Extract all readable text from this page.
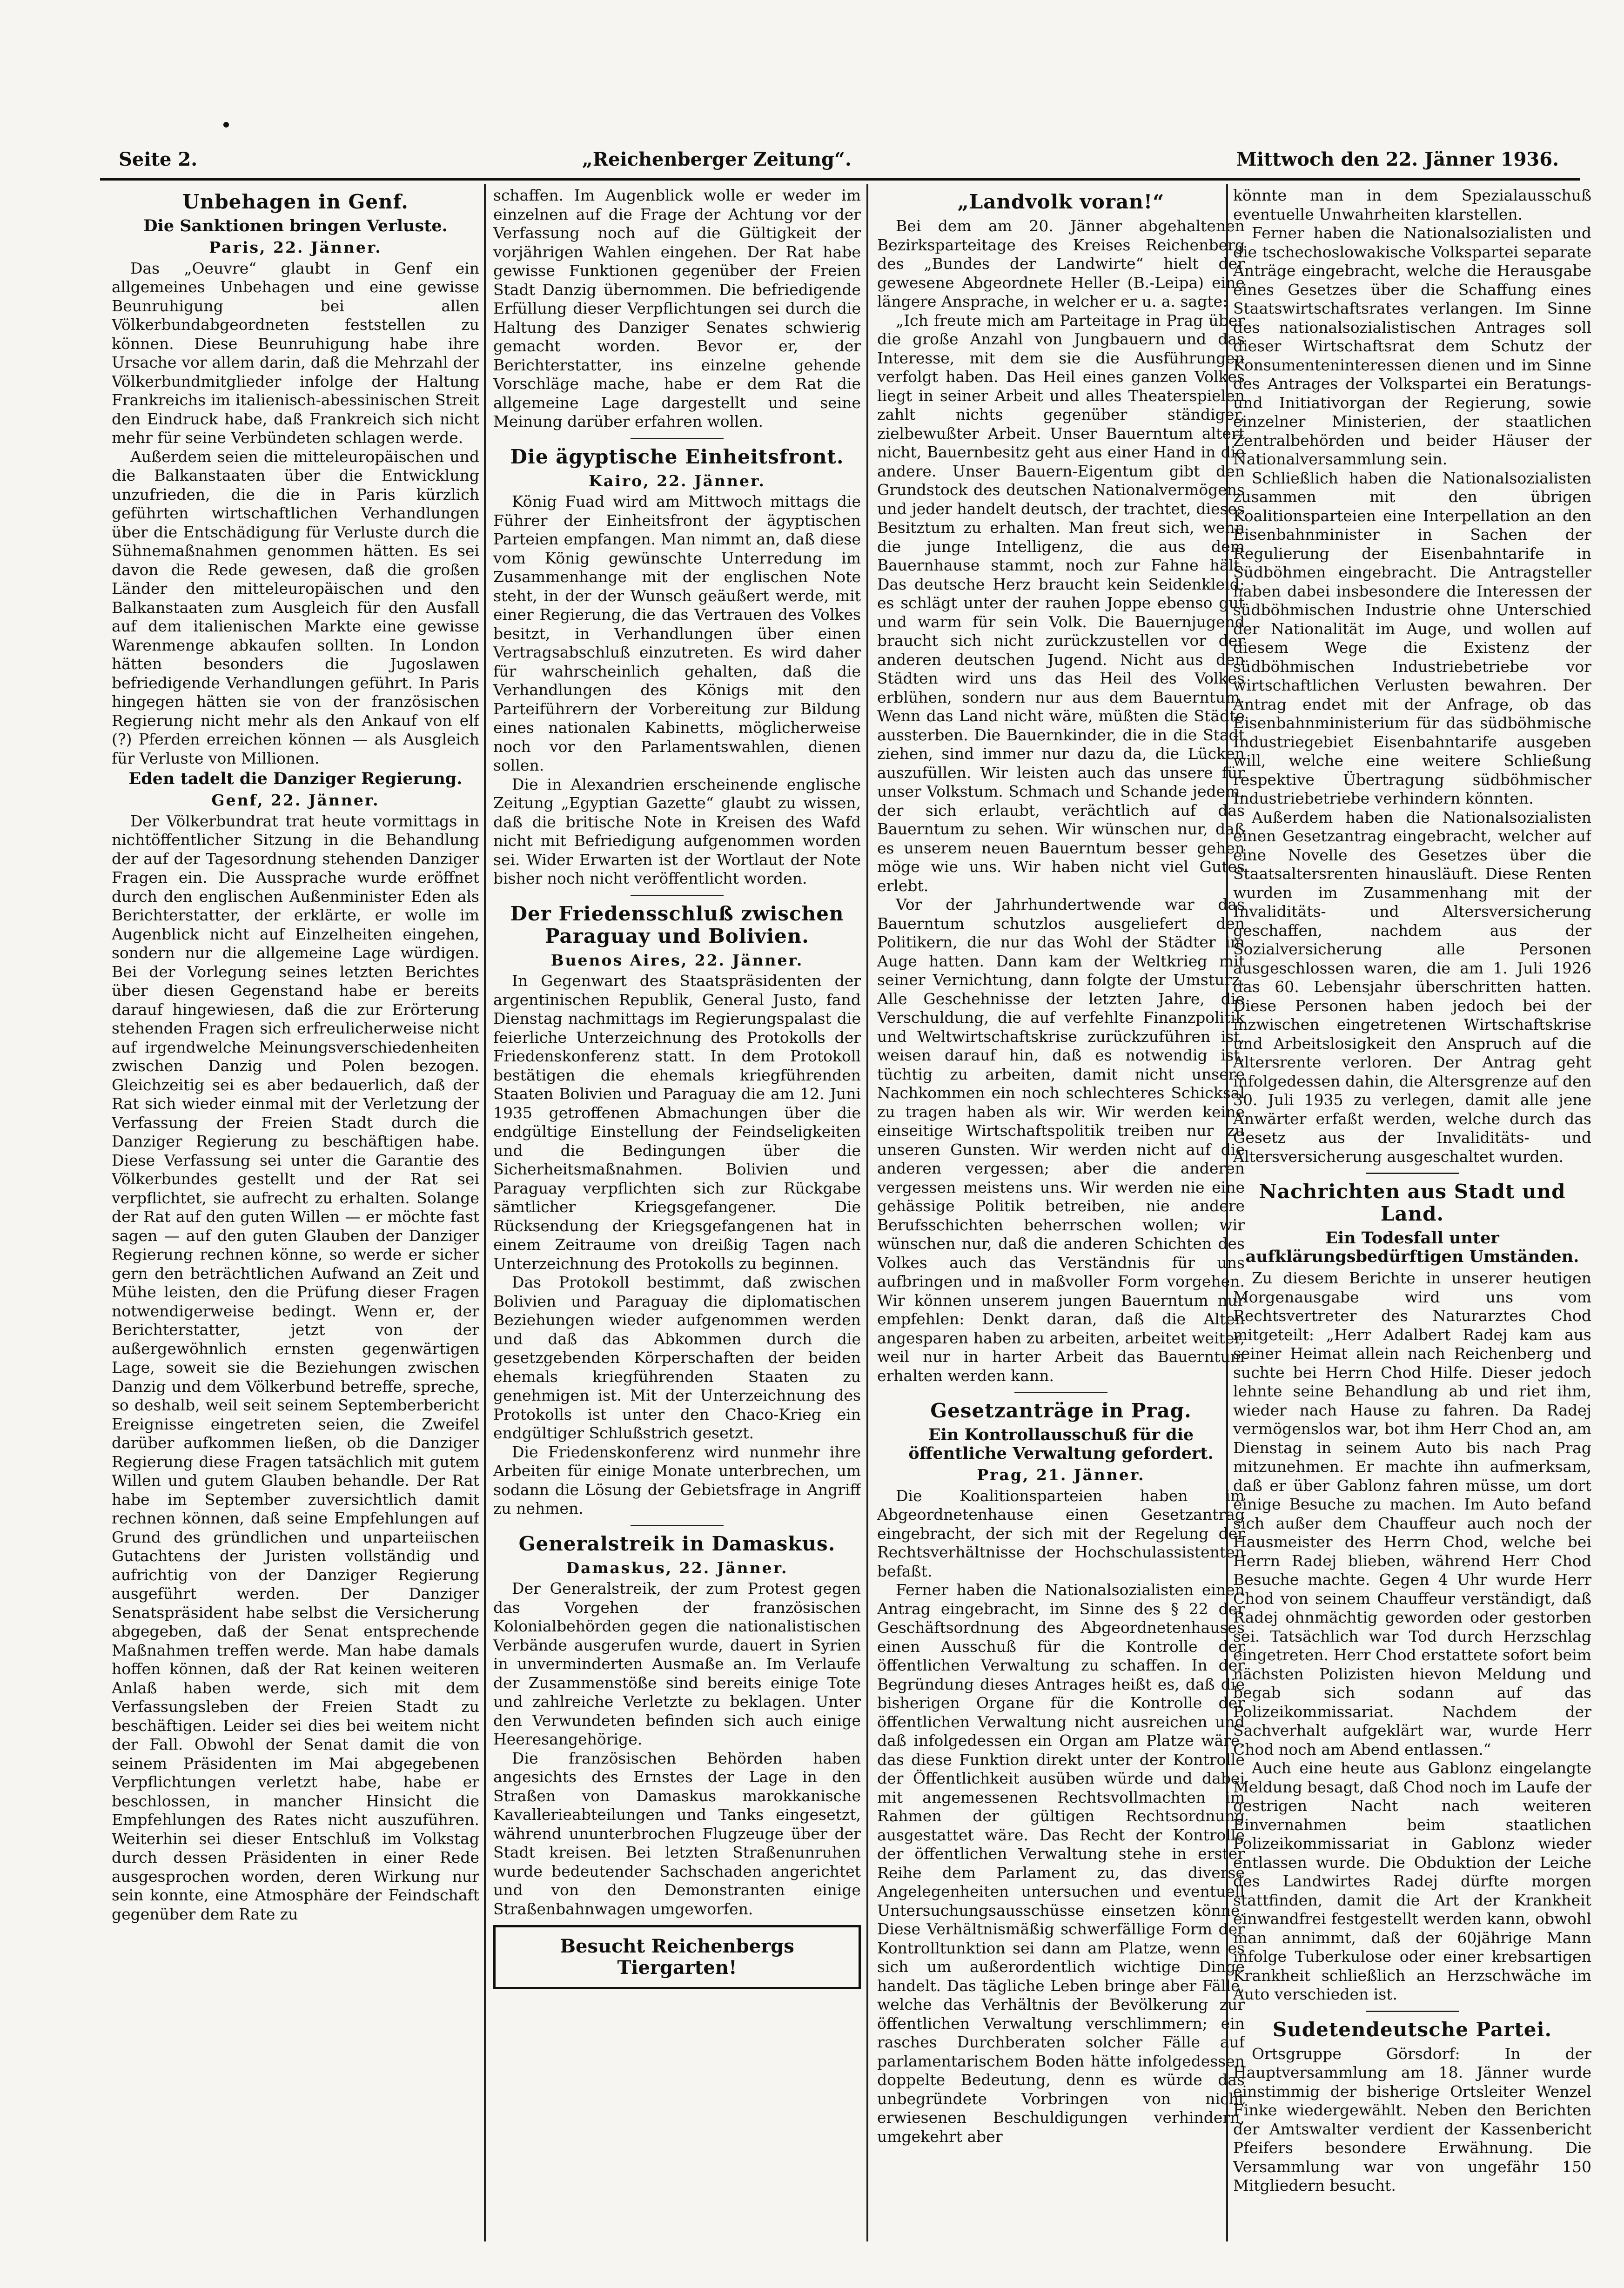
Seite 2.	„Reichenberger Zeitung“.	Mittwoch den 22. Jänner 1936.
Unbehagen in Genf.
Die Sanktionen bringen Verluste.
Paris, 22. Jänner.

Das „Oeuvre“ glaubt in Genf ein allgemeines Unbehagen und eine gewisse Beunruhigung bei allen Völkerbundabgeordneten feststellen zu können. Diese Beunruhigung habe ihre Ursache vor allem darin, daß die Mehrzahl der Völkerbundmitglieder infolge der Haltung Frankreichs im italienisch-abessinischen Streit den Eindruck habe, daß Frankreich sich nicht mehr für seine Verbündeten schlagen werde.

Außerdem seien die mitteleuropäischen und die Balkanstaaten über die Entwicklung unzufrieden, die die in Paris kürzlich geführten wirtschaftlichen Verhandlungen über die Entschädigung für Verluste durch die Sühnemaßnahmen genommen hätten. Es sei davon die Rede gewesen, daß die großen Länder den mitteleuropäischen und den Balkanstaaten zum Ausgleich für den Ausfall auf dem italienischen Markte eine gewisse Warenmenge abkaufen sollten. In London hätten besonders die Jugoslawen befriedigende Verhandlungen geführt. In Paris hingegen hätten sie von der französischen Regierung nicht mehr als den Ankauf von elf (?) Pferden erreichen können — als Ausgleich für Verluste von Millionen.

Eden tadelt die Danziger Regierung.
Genf, 22. Jänner.

Der Völkerbundrat trat heute vormittags in nichtöffentlicher Sitzung in die Behandlung der auf der Tagesordnung stehenden Danziger Fragen ein. Die Aussprache wurde eröffnet durch den englischen Außenminister Eden als Berichterstatter, der erklärte, er wolle im Augenblick nicht auf Einzelheiten eingehen, sondern nur die allgemeine Lage würdigen. Bei der Vorlegung seines letzten Berichtes über diesen Gegenstand habe er bereits darauf hingewiesen, daß die zur Erörterung stehenden Fragen sich erfreulicherweise nicht auf irgendwelche Meinungsverschiedenheiten zwischen Danzig und Polen bezogen. Gleichzeitig sei es aber bedauerlich, daß der Rat sich wieder einmal mit der Verletzung der Verfassung der Freien Stadt durch die Danziger Regierung zu beschäftigen habe. Diese Verfassung sei unter die Garantie des Völkerbundes gestellt und der Rat sei verpflichtet, sie aufrecht zu erhalten. Solange der Rat auf den guten Willen — er möchte fast sagen — auf den guten Glauben der Danziger Regierung rechnen könne, so werde er sicher gern den beträchtlichen Aufwand an Zeit und Mühe leisten, den die Prüfung dieser Fragen notwendigerweise bedingt. Wenn er, der Berichterstatter, jetzt von der außergewöhnlich ernsten gegenwärtigen Lage, soweit sie die Beziehungen zwischen Danzig und dem Völkerbund betreffe, spreche, so deshalb, weil seit seinem Septemberbericht Ereignisse eingetreten seien, die Zweifel darüber aufkommen ließen, ob die Danziger Regierung diese Fragen tatsächlich mit gutem Willen und gutem Glauben behandle. Der Rat habe im September zuversichtlich damit rechnen können, daß seine Empfehlungen auf Grund des gründlichen und unparteiischen Gutachtens der Juristen vollständig und aufrichtig von der Danziger Regierung ausgeführt werden. Der Danziger Senatspräsident habe selbst die Versicherung abgegeben, daß der Senat entsprechende Maßnahmen treffen werde. Man habe damals hoffen können, daß der Rat keinen weiteren Anlaß haben werde, sich mit dem Verfassungsleben der Freien Stadt zu beschäftigen. Leider sei dies bei weitem nicht der Fall. Obwohl der Senat damit die von seinem Präsidenten im Mai abgegebenen Verpflichtungen verletzt habe, habe er beschlossen, in mancher Hinsicht die Empfehlungen des Rates nicht auszuführen. Weiterhin sei dieser Entschluß im Volkstag durch dessen Präsidenten in einer Rede ausgesprochen worden, deren Wirkung nur sein konnte, eine Atmosphäre der Feindschaft gegenüber dem Rate zu

schaffen. Im Augenblick wolle er weder im einzelnen auf die Frage der Achtung vor der Verfassung noch auf die Gültigkeit der vorjährigen Wahlen eingehen. Der Rat habe gewisse Funktionen gegenüber der Freien Stadt Danzig übernommen. Die befriedigende Erfüllung dieser Verpflichtungen sei durch die Haltung des Danziger Senates schwierig gemacht worden. Bevor er, der Berichterstatter, ins einzelne gehende Vorschläge mache, habe er dem Rat die allgemeine Lage dargestellt und seine Meinung darüber erfahren wollen.

Die ägyptische Einheitsfront.
Kairo, 22. Jänner.

König Fuad wird am Mittwoch mittags die Führer der Einheitsfront der ägyptischen Parteien empfangen. Man nimmt an, daß diese vom König gewünschte Unterredung im Zusammenhange mit der englischen Note steht, in der der Wunsch geäußert werde, mit einer Regierung, die das Vertrauen des Volkes besitzt, in Verhandlungen über einen Vertragsabschluß einzutreten. Es wird daher für wahrscheinlich gehalten, daß die Verhandlungen des Königs mit den Parteiführern der Vorbereitung zur Bildung eines nationalen Kabinetts, möglicherweise noch vor den Parlamentswahlen, dienen sollen.

Die in Alexandrien erscheinende englische Zeitung „Egyptian Gazette“ glaubt zu wissen, daß die britische Note in Kreisen des Wafd nicht mit Befriedigung aufgenommen worden sei. Wider Erwarten ist der Wortlaut der Note bisher noch nicht veröffentlicht worden.

Der Friedensschluß zwischen Paraguay und Bolivien.
Buenos Aires, 22. Jänner.

In Gegenwart des Staatspräsidenten der argentinischen Republik, General Justo, fand Dienstag nachmittags im Regierungspalast die feierliche Unterzeichnung des Protokolls der Friedenskonferenz statt. In dem Protokoll bestätigen die ehemals kriegführenden Staaten Bolivien und Paraguay die am 12. Juni 1935 getroffenen Abmachungen über die endgültige Einstellung der Feindseligkeiten und die Bedingungen über die Sicherheitsmaßnahmen. Bolivien und Paraguay verpflichten sich zur Rückgabe sämtlicher Kriegsgefangener. Die Rücksendung der Kriegsgefangenen hat in einem Zeitraume von dreißig Tagen nach Unterzeichnung des Protokolls zu beginnen.

Das Protokoll bestimmt, daß zwischen Bolivien und Paraguay die diplomatischen Beziehungen wieder aufgenommen werden und daß das Abkommen durch die gesetzgebenden Körperschaften der beiden ehemals kriegführenden Staaten zu genehmigen ist. Mit der Unterzeichnung des Protokolls ist unter den Chaco-Krieg ein endgültiger Schlußstrich gesetzt.

Die Friedenskonferenz wird nunmehr ihre Arbeiten für einige Monate unterbrechen, um sodann die Lösung der Gebietsfrage in Angriff zu nehmen.

Generalstreik in Damaskus.
Damaskus, 22. Jänner.

Der Generalstreik, der zum Protest gegen das Vorgehen der französischen Kolonialbehörden gegen die nationalistischen Verbände ausgerufen wurde, dauert in Syrien in unverminderten Ausmaße an. Im Verlaufe der Zusammenstöße sind bereits einige Tote und zahlreiche Verletzte zu beklagen. Unter den Verwundeten befinden sich auch einige Heeresangehörige.

Die französischen Behörden haben angesichts des Ernstes der Lage in den Straßen von Damaskus marokkanische Kavallerieabteilungen und Tanks eingesetzt, während ununterbrochen Flugzeuge über der Stadt kreisen. Bei letzten Straßenunruhen wurde bedeutender Sachschaden angerichtet und von den Demonstranten einige Straßenbahnwagen umgeworfen.

Besucht Reichenbergs Tiergarten!
„Landvolk voran!“

Bei dem am 20. Jänner abgehaltenen Bezirksparteitage des Kreises Reichenberg des „Bundes der Landwirte“ hielt der gewesene Abgeordnete Heller (B.-Leipa) eine längere Ansprache, in welcher er u. a. sagte:

„Ich freute mich am Parteitage in Prag über die große Anzahl von Jungbauern und das Interesse, mit dem sie die Ausführungen verfolgt haben. Das Heil eines ganzen Volkes liegt in seiner Arbeit und alles Theaterspielen zahlt nichts gegenüber ständiger, zielbewußter Arbeit. Unser Bauerntum altert nicht, Bauernbesitz geht aus einer Hand in die andere. Unser Bauern-Eigentum gibt den Grundstock des deutschen Nationalvermögens und jeder handelt deutsch, der trachtet, dieses Besitztum zu erhalten. Man freut sich, wenn die junge Intelligenz, die aus dem Bauernhause stammt, noch zur Fahne hält. Das deutsche Herz braucht kein Seidenkleid; es schlägt unter der rauhen Joppe ebenso gut und warm für sein Volk. Die Bauernjugend braucht sich nicht zurückzustellen vor der anderen deutschen Jugend. Nicht aus den Städten wird uns das Heil des Volkes erblühen, sondern nur aus dem Bauerntum. Wenn das Land nicht wäre, müßten die Städte aussterben. Die Bauernkinder, die in die Stadt ziehen, sind immer nur dazu da, die Lücken auszufüllen. Wir leisten auch das unsere für unser Volkstum. Schmach und Schande jedem, der sich erlaubt, verächtlich auf das Bauerntum zu sehen. Wir wünschen nur, daß es unserem neuen Bauerntum besser gehen möge wie uns. Wir haben nicht viel Gutes erlebt.

Vor der Jahrhundertwende war das Bauerntum schutzlos ausgeliefert den Politikern, die nur das Wohl der Städter im Auge hatten. Dann kam der Weltkrieg mit seiner Vernichtung, dann folgte der Umsturz. Alle Geschehnisse der letzten Jahre, die Verschuldung, die auf verfehlte Finanzpolitik und Weltwirtschaftskrise zurückzuführen ist, weisen darauf hin, daß es notwendig ist, tüchtig zu arbeiten, damit nicht unsere Nachkommen ein noch schlechteres Schicksal zu tragen haben als wir. Wir werden keine einseitige Wirtschaftspolitik treiben nur zu unseren Gunsten. Wir werden nicht auf die anderen vergessen; aber die anderen vergessen meistens uns. Wir werden nie eine gehässige Politik betreiben, nie andere Berufsschichten beherrschen wollen; wir wünschen nur, daß die anderen Schichten des Volkes auch das Verständnis für uns aufbringen und in maßvoller Form vorgehen. Wir können unserem jungen Bauerntum nur empfehlen: Denkt daran, daß die Alten angesparen haben zu arbeiten, arbeitet weiter, weil nur in harter Arbeit das Bauerntum erhalten werden kann.

Gesetzanträge in Prag.
Ein Kontrollausschuß für die öffentliche Verwaltung gefordert.
Prag, 21. Jänner.

Die Koalitionsparteien haben im Abgeordnetenhause einen Gesetzantrag eingebracht, der sich mit der Regelung der Rechtsverhältnisse der Hochschulassistenten befaßt.

Ferner haben die Nationalsozialisten einen Antrag eingebracht, im Sinne des § 22 der Geschäftsordnung des Abgeordnetenhauses einen Ausschuß für die Kontrolle der öffentlichen Verwaltung zu schaffen. In der Begründung dieses Antrages heißt es, daß die bisherigen Organe für die Kontrolle der öffentlichen Verwaltung nicht ausreichen und daß infolgedessen ein Organ am Platze wäre, das diese Funktion direkt unter der Kontrolle der Öffentlichkeit ausüben würde und dabei mit angemessenen Rechtsvollmachten im Rahmen der gültigen Rechtsordnung ausgestattet wäre. Das Recht der Kontrolle der öffentlichen Verwaltung stehe in erster Reihe dem Parlament zu, das diverse Angelegenheiten untersuchen und eventuell Untersuchungsausschüsse einsetzen könne. Diese Verhältnismäßig schwerfällige Form der Kontrolltunktion sei dann am Platze, wenn es sich um außerordentlich wichtige Dinge handelt. Das tägliche Leben bringe aber Fälle, welche das Verhältnis der Bevölkerung zur öffentlichen Verwaltung verschlimmern; ein rasches Durchberaten solcher Fälle auf parlamentarischem Boden hätte infolgedessen doppelte Bedeutung, denn es würde das unbegründete Vorbringen von nicht erwiesenen Beschuldigungen verhindern, umgekehrt aber

könnte man in dem Spezialausschuß eventuelle Unwahrheiten klarstellen.

Ferner haben die Nationalsozialisten und die tschechoslowakische Volkspartei separate Anträge eingebracht, welche die Herausgabe eines Gesetzes über die Schaffung eines Staatswirtschaftsrates verlangen. Im Sinne des nationalsozialistischen Antrages soll dieser Wirtschaftsrat dem Schutz der Konsumenteninteressen dienen und im Sinne des Antrages der Volkspartei ein Beratungs- und Initiativorgan der Regierung, sowie einzelner Ministerien, der staatlichen Zentralbehörden und beider Häuser der Nationalversammlung sein.

Schließlich haben die Nationalsozialisten zusammen mit den übrigen Koalitionsparteien eine Interpellation an den Eisenbahnminister in Sachen der Regulierung der Eisenbahntarife in Südböhmen eingebracht. Die Antragsteller haben dabei insbesondere die Interessen der südböhmischen Industrie ohne Unterschied der Nationalität im Auge, und wollen auf diesem Wege die Existenz der südböhmischen Industriebetriebe vor wirtschaftlichen Verlusten bewahren. Der Antrag endet mit der Anfrage, ob das Eisenbahnministerium für das südböhmische Industriegebiet Eisenbahntarife ausgeben will, welche eine weitere Schließung respektive Übertragung südböhmischer Industriebetriebe verhindern könnten.

Außerdem haben die Nationalsozialisten einen Gesetzantrag eingebracht, welcher auf eine Novelle des Gesetzes über die Staatsaltersrenten hinausläuft. Diese Renten wurden im Zusammenhang mit der Invaliditäts- und Altersversicherung geschaffen, nachdem aus der Sozialversicherung alle Personen ausgeschlossen waren, die am 1. Juli 1926 das 60. Lebensjahr überschritten hatten. Diese Personen haben jedoch bei der inzwischen eingetretenen Wirtschaftskrise und Arbeitslosigkeit den Anspruch auf die Altersrente verloren. Der Antrag geht infolgedessen dahin, die Altersgrenze auf den 30. Juli 1935 zu verlegen, damit alle jene Anwärter erfaßt werden, welche durch das Gesetz aus der Invaliditäts- und Altersversicherung ausgeschaltet wurden.

Nachrichten aus Stadt und Land.
Ein Todesfall unter aufklärungsbedürftigen Umständen.

Zu diesem Berichte in unserer heutigen Morgenausgabe wird uns vom Rechtsvertreter des Naturarztes Chod mitgeteilt: „Herr Adalbert Radej kam aus seiner Heimat allein nach Reichenberg und suchte bei Herrn Chod Hilfe. Dieser jedoch lehnte seine Behandlung ab und riet ihm, wieder nach Hause zu fahren. Da Radej vermögenslos war, bot ihm Herr Chod an, am Dienstag in seinem Auto bis nach Prag mitzunehmen. Er machte ihn aufmerksam, daß er über Gablonz fahren müsse, um dort einige Besuche zu machen. Im Auto befand sich außer dem Chauffeur auch noch der Hausmeister des Herrn Chod, welche bei Herrn Radej blieben, während Herr Chod Besuche machte. Gegen 4 Uhr wurde Herr Chod von seinem Chauffeur verständigt, daß Radej ohnmächtig geworden oder gestorben sei. Tatsächlich war Tod durch Herzschlag eingetreten. Herr Chod erstattete sofort beim nächsten Polizisten hievon Meldung und begab sich sodann auf das Polizeikommissariat. Nachdem der Sachverhalt aufgeklärt war, wurde Herr Chod noch am Abend entlassen.“

Auch eine heute aus Gablonz eingelangte Meldung besagt, daß Chod noch im Laufe der gestrigen Nacht nach weiteren Einvernahmen beim staatlichen Polizeikommissariat in Gablonz wieder entlassen wurde. Die Obduktion der Leiche des Landwirtes Radej dürfte morgen stattfinden, damit die Art der Krankheit einwandfrei festgestellt werden kann, obwohl man annimmt, daß der 60jährige Mann infolge Tuberkulose oder einer krebsartigen Krankheit schließlich an Herzschwäche im Auto verschieden ist.

Sudetendeutsche Partei.

Ortsgruppe Görsdorf: In der Hauptversammlung am 18. Jänner wurde einstimmig der bisherige Ortsleiter Wenzel Finke wiedergewählt. Neben den Berichten der Amtswalter verdient der Kassenbericht Pfeifers besondere Erwähnung. Die Versammlung war von ungefähr 150 Mitgliedern besucht.
